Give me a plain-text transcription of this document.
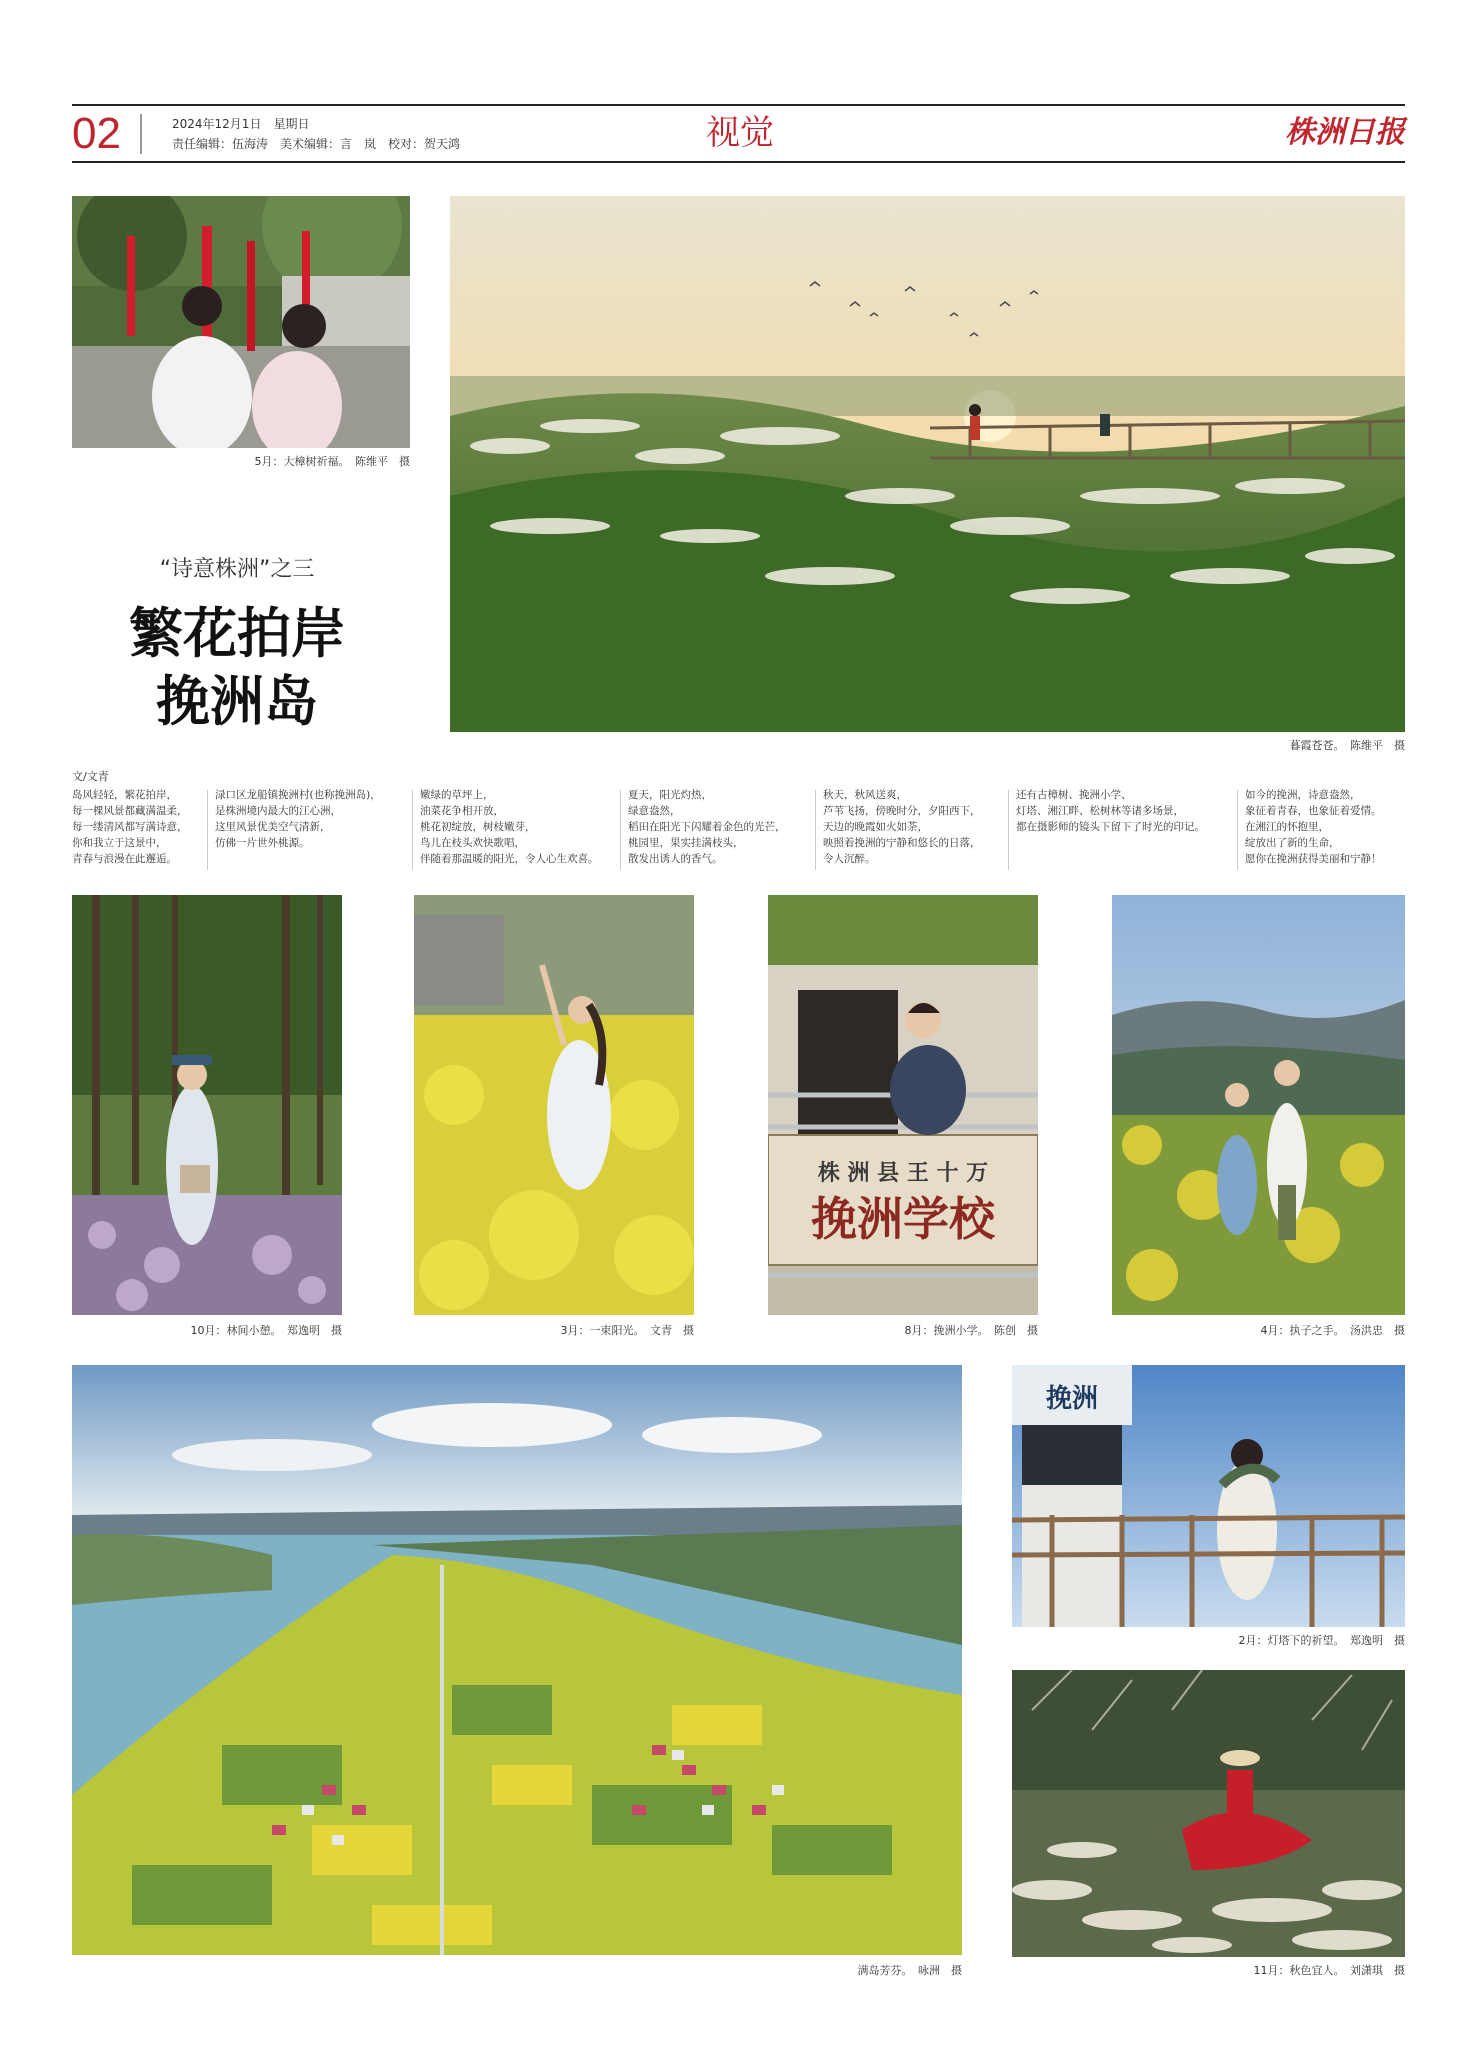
02	2024年12月1日　星期日
责任编辑：伍海涛　美术编辑：言　岚　校对：贺天鸿	视觉	株洲日报
5月：大樟树祈福。　陈维平　摄
暮霞苍苍。　陈维平　摄
“诗意株洲”之三
繁花拍岸
挽洲岛
文/文青
岛风轻轻，繁花拍岸，
每一棵风景都藏满温柔，
每一缕清风都写满诗意，
你和我立于这景中，
青春与浪漫在此邂逅。
渌口区龙船镇挽洲村(也称挽洲岛)，
是株洲境内最大的江心洲，
这里风景优美空气清新，
仿佛一片世外桃源。
嫩绿的草坪上，
油菜花争相开放，
桃花初绽放，树枝嫩芽，
鸟儿在枝头欢快歌唱，
伴随着那温暖的阳光，令人心生欢喜。
夏天，阳光灼热，
绿意盎然，
稻田在阳光下闪耀着金色的光芒，
桃园里，果实挂满枝头，
散发出诱人的香气。
秋天，秋风送爽，
芦苇飞扬，傍晚时分，夕阳西下，
天边的晚霞如火如荼，
映照着挽洲的宁静和悠长的日落，
令人沉醉。
还有古樟树、挽洲小学、
灯塔、湘江畔、松树林等诸多场景，
都在摄影师的镜头下留下了时光的印记。
如今的挽洲，诗意盎然，
象征着青春，也象征着爱情。
在湘江的怀抱里，
绽放出了新的生命，
愿你在挽洲获得美丽和宁静！
10月：林间小憩。　郑逸明　摄	3月：一束阳光。　文青　摄
株 洲 县 王 十 万
挽洲学校
8月：挽洲小学。　陈创　摄	4月：执子之手。　汤洪忠　摄
满岛芳芬。　咏洲　摄
挽洲
2月：灯塔下的祈望。　郑逸明　摄
11月：秋色宜人。　刘潇琪　摄
